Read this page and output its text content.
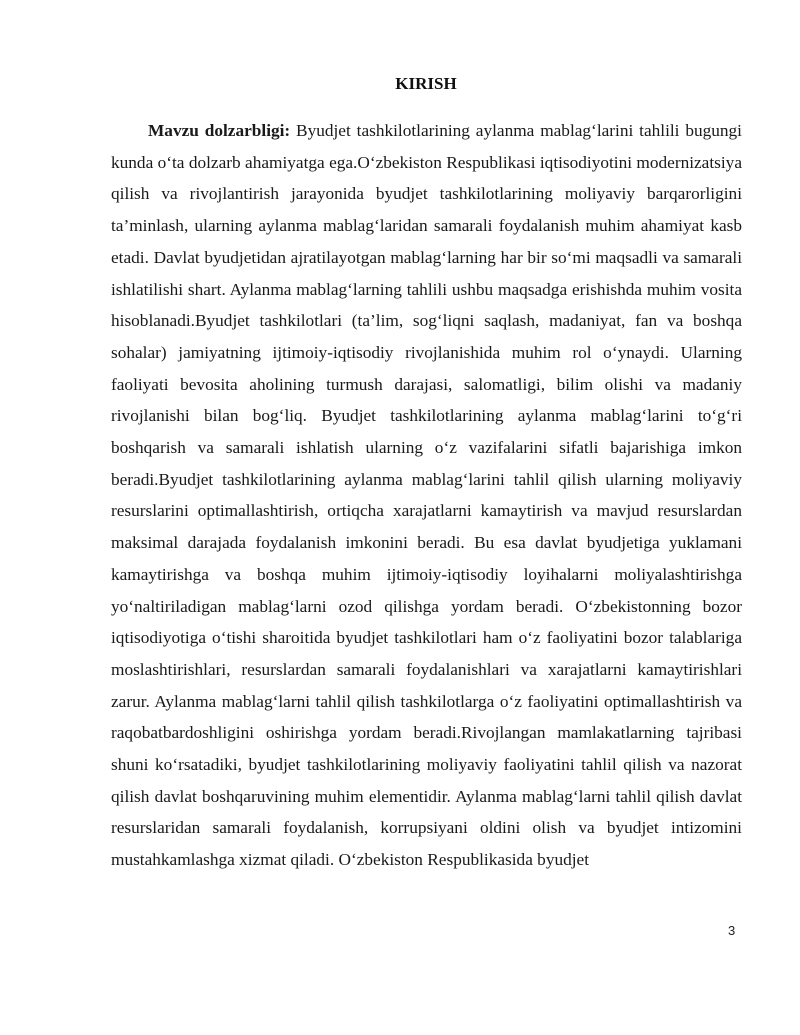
KIRISH

Mavzu dolzarbligi: Byudjet tashkilotlarining aylanma mablag‘larini tahlili bugungi kunda o‘ta dolzarb ahamiyatga ega.O‘zbekiston Respublikasi iqtisodiyotini modernizatsiya qilish va rivojlantirish jarayonida byudjet tashkilotlarining moliyaviy barqarorligini ta’minlash, ularning aylanma mablag‘laridan samarali foydalanish muhim ahamiyat kasb etadi. Davlat byudjetidan ajratilayotgan mablag‘larning har bir so‘mi maqsadli va samarali ishlatilishi shart. Aylanma mablag‘larning tahlili ushbu maqsadga erishishda muhim vosita hisoblanadi.Byudjet tashkilotlari (ta’lim, sog‘liqni saqlash, madaniyat, fan va boshqa sohalar) jamiyatning ijtimoiy-iqtisodiy rivojlanishida muhim rol o‘ynaydi. Ularning faoliyati bevosita aholining turmush darajasi, salomatligi, bilim olishi va madaniy rivojlanishi bilan bog‘liq. Byudjet tashkilotlarining aylanma mablag‘larini to‘g‘ri boshqarish va samarali ishlatish ularning o‘z vazifalarini sifatli bajarishiga imkon beradi.Byudjet tashkilotlarining aylanma mablag‘larini tahlil qilish ularning moliyaviy resurslarini optimallashtirish, ortiqcha xarajatlarni kamaytirish va mavjud resurslardan maksimal darajada foydalanish imkonini beradi. Bu esa davlat byudjetiga yuklamani kamaytirishga va boshqa muhim ijtimoiy-iqtisodiy loyihalarni moliyalashtirishga yo‘naltiriladigan mablag‘larni ozod qilishga yordam beradi. O‘zbekistonning bozor iqtisodiyotiga o‘tishi sharoitida byudjet tashkilotlari ham o‘z faoliyatini bozor talablariga moslashtirishlari, resurslardan samarali foydalanishlari va xarajatlarni kamaytirishlari zarur. Aylanma mablag‘larni tahlil qilish tashkilotlarga o‘z faoliyatini optimallashtirish va raqobatbardoshligini oshirishga yordam beradi.Rivojlangan mamlakatlarning tajribasi shuni ko‘rsatadiki, byudjet tashkilotlarining moliyaviy faoliyatini tahlil qilish va nazorat qilish davlat boshqaruvining muhim elementidir. Aylanma mablag‘larni tahlil qilish davlat resurslaridan samarali foydalanish, korrupsiyani oldini olish va byudjet intizomini mustahkamlashga xizmat qiladi. O‘zbekiston Respublikasida byudjet

3
